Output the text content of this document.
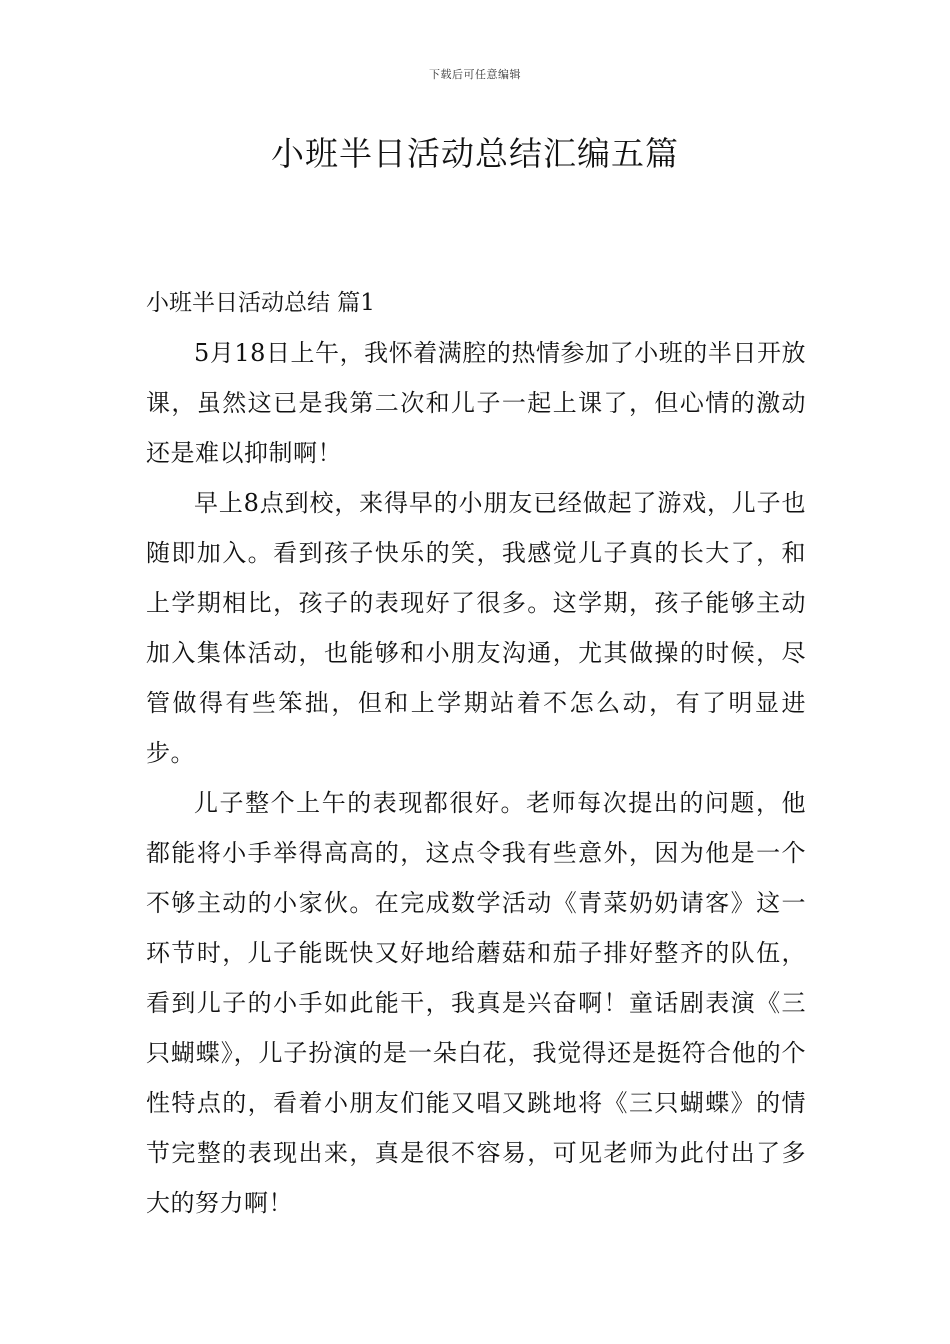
下载后可任意编辑
小班半日活动总结汇编五篇
小班半日活动总结 篇1

5月18日上午，我怀着满腔的热情参加了小班的半日开放课，虽然这已是我第二次和儿子一起上课了，但心情的激动还是难以抑制啊！

早上8点到校，来得早的小朋友已经做起了游戏，儿子也随即加入。看到孩子快乐的笑，我感觉儿子真的长大了，和上学期相比，孩子的表现好了很多。这学期，孩子能够主动加入集体活动，也能够和小朋友沟通，尤其做操的时候，尽管做得有些笨拙，但和上学期站着不怎么动，有了明显进步。

儿子整个上午的表现都很好。老师每次提出的问题，他都能将小手举得高高的，这点令我有些意外，因为他是一个不够主动的小家伙。在完成数学活动《青菜奶奶请客》这一环节时，儿子能既快又好地给蘑菇和茄子排好整齐的队伍，看到儿子的小手如此能干，我真是兴奋啊！童话剧表演《三只蝴蝶》，儿子扮演的是一朵白花，我觉得还是挺符合他的个性特点的，看着小朋友们能又唱又跳地将《三只蝴蝶》的情节完整的表现出来，真是很不容易，可见老师为此付出了多大的努力啊！
